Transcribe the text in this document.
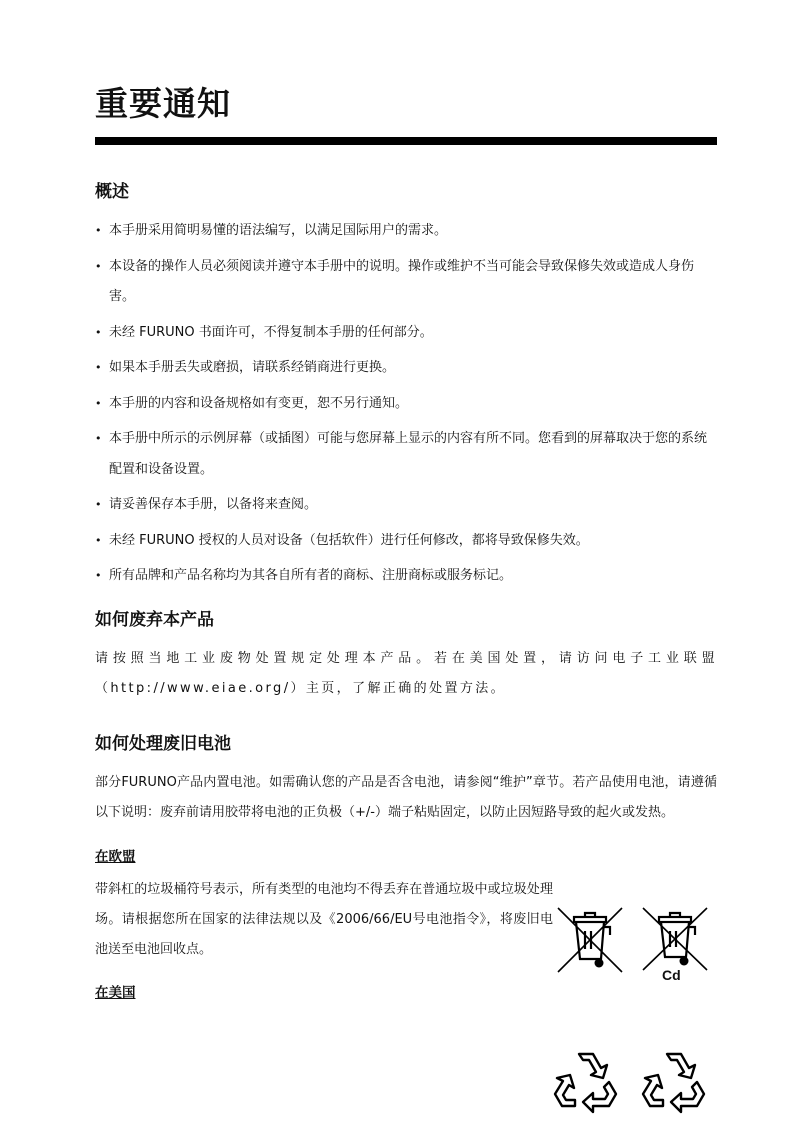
重要通知
概述
• 本手册采用简明易懂的语法编写，以满足国际用户的需求。
• 本设备的操作人员必须阅读并遵守本手册中的说明。操作或维护不当可能会导致保修失效或造成人身伤害。
• 未经 FURUNO 书面许可，不得复制本手册的任何部分。
• 如果本手册丢失或磨损，请联系经销商进行更换。
• 本手册的内容和设备规格如有变更，恕不另行通知。
• 本手册中所示的示例屏幕（或插图）可能与您屏幕上显示的内容有所不同。您看到的屏幕取决于您的系统配置和设备设置。
• 请妥善保存本手册，以备将来查阅。
• 未经 FURUNO 授权的人员对设备（包括软件）进行任何修改，都将导致保修失效。
• 所有品牌和产品名称均为其各自所有者的商标、注册商标或服务标记。
如何废弃本产品

请按照当地工业废物处置规定处理本产品。若在美国处置，请访问电子工业联盟（http://www.eiae.org/）主页，了解正确的处置方法。

如何处理废旧电池

部分FURUNO产品内置电池。如需确认您的产品是否含电池，请参阅“维护”章节。若产品使用电池，请遵循以下说明：废弃前请用胶带将电池的正负极（+/-）端子粘贴固定，以防止因短路导致的起火或发热。

在欧盟

带斜杠的垃圾桶符号表示，所有类型的电池均不得丢弃在普通垃圾中或垃圾处理场。请根据您所在国家的法律法规以及《2006/66/EU号电池指令》，将废旧电池送至电池回收点。

在美国

Cd
